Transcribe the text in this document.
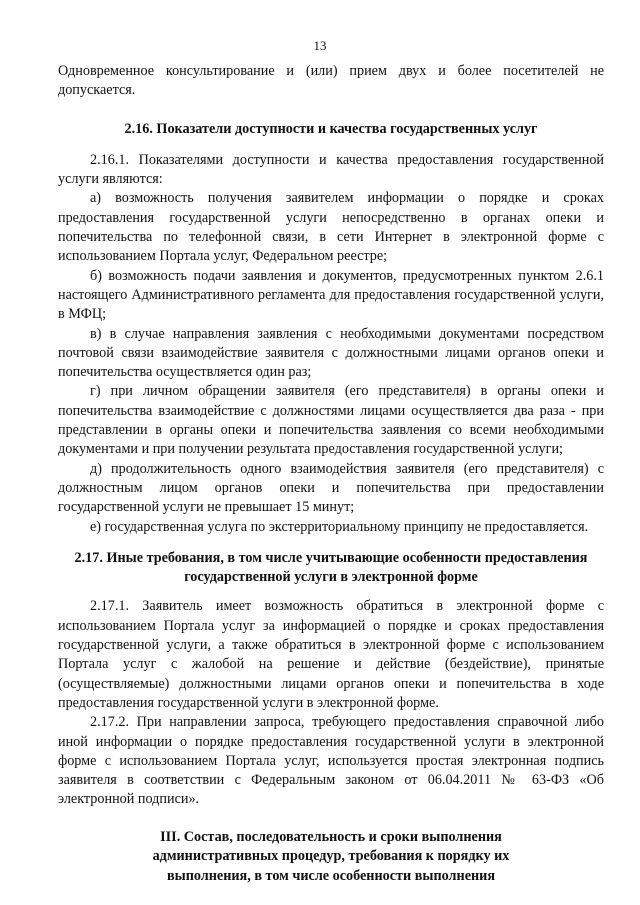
13

Одновременное консультирование и (или) прием двух и более посетителей не допускается.

2.16. Показатели доступности и качества государственных услуг

2.16.1. Показателями доступности и качества предоставления государственной услуги являются:

а) возможность получения заявителем информации о порядке и сроках предоставления государственной услуги непосредственно в органах опеки и попечительства по телефонной связи, в сети Интернет в электронной форме с использованием Портала услуг, Федеральном реестре;

б) возможность подачи заявления и документов, предусмотренных пунктом 2.6.1 настоящего Административного регламента для предоставления государственной услуги, в МФЦ;

в) в случае направления заявления с необходимыми документами посредством почтовой связи взаимодействие заявителя с должностными лицами органов опеки и попечительства осуществляется один раз;

г) при личном обращении заявителя (его представителя) в органы опеки и попечительства взаимодействие с должностями лицами осуществляется два раза - при представлении в органы опеки и попечительства заявления со всеми необходимыми документами и при получении результата предоставления государственной услуги;

д) продолжительность одного взаимодействия заявителя (его представителя) с должностным лицом органов опеки и попечительства при предоставлении государственной услуги не превышает 15 минут;

е) государственная услуга по экстерриториальному принципу не предоставляется.

2.17. Иные требования, в том числе учитывающие особенности предоставления государственной услуги в электронной форме

2.17.1. Заявитель имеет возможность обратиться в электронной форме с использованием Портала услуг за информацией о порядке и сроках предоставления государственной услуги, а также обратиться в электронной форме с использованием Портала услуг с жалобой на решение и действие (бездействие), принятые (осуществляемые) должностными лицами органов опеки и попечительства в ходе предоставления государственной услуги в электронной форме.

2.17.2. При направлении запроса, требующего предоставления справочной либо иной информации о порядке предоставления государственной услуги в электронной форме с использованием Портала услуг, используется простая электронная подпись заявителя в соответствии с Федеральным законом от 06.04.2011 № 63-ФЗ «Об электронной подписи».

III. Состав, последовательность и сроки выполнения
административных процедур, требования к порядку их
выполнения, в том числе особенности выполнения
